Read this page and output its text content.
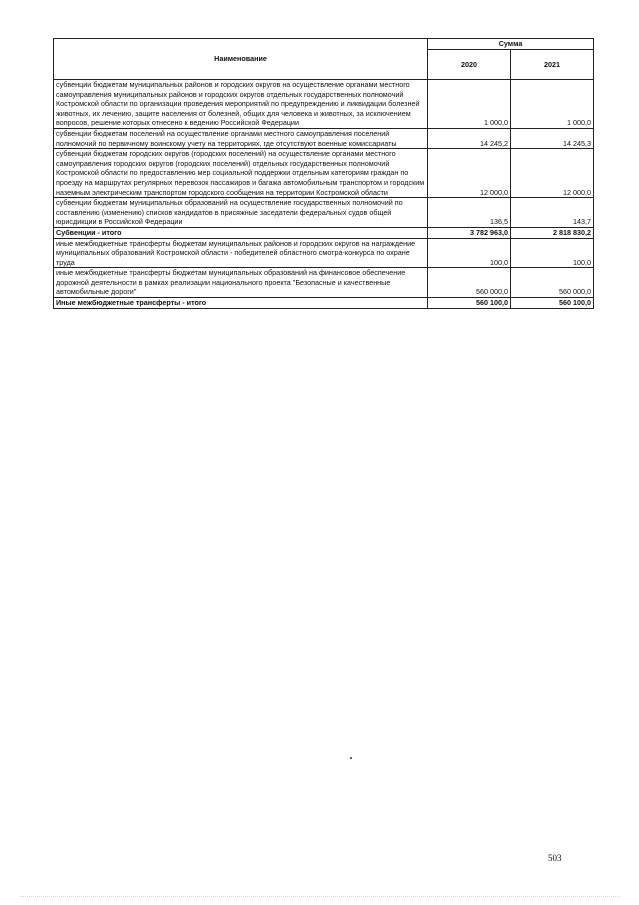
Наименование	Сумма	
	2020	2021
субвенции бюджетам муниципальных районов и городских округов на осуществление органами местного самоуправления муниципальных районов и городских округов отдельных государственных полномочий Костромской области по организации проведения мероприятий по предупреждению и ликвидации болезней животных, их лечению, защите населения от болезней, общих для человека и животных, за исключением вопросов, решение которых отнесено к ведению Российской Федерации	1 000,0	1 000,0
субвенции бюджетам поселений на осуществление органами местного самоуправления поселений полномочий по первичному воинскому учету на территориях, где отсутствуют военные комиссариаты	14 245,2	14 245,3
субвенции бюджетам городских округов (городских поселений) на осуществление органами местного самоуправления городских округов (городских поселений) отдельных государственных полномочий Костромской области по предоставлению мер социальной поддержки отдельным категориям граждан по проезду на маршрутах регулярных перевозок пассажиров и багажа автомобильным транспортом и городским наземным электрическим транспортом городского сообщения на территории Костромской области	12 000,0	12 000,0
субвенции бюджетам муниципальных образований на осуществление государственных полномочий по составлению (изменению) списков кандидатов в присяжные заседатели федеральных судов общей юрисдикции в Российской Федерации	136,5	143,7
Субвенции - итого	3 782 963,0	2 818 830,2
иные межбюджетные трансферты бюджетам муниципальных районов и городских округов на награждение муниципальных образований Костромской области - победителей областного смотра-конкурса по охране труда	100,0	100,0
иные межбюджетные трансферты бюджетам муниципальных образований на финансовое обеспечение дорожной деятельности в рамках реализации национального проекта "Безопасные и качественные автомобильные дороги"	560 000,0	560 000,0
Иные межбюджетные трансферты - итого	560 100,0	560 100,0
503
